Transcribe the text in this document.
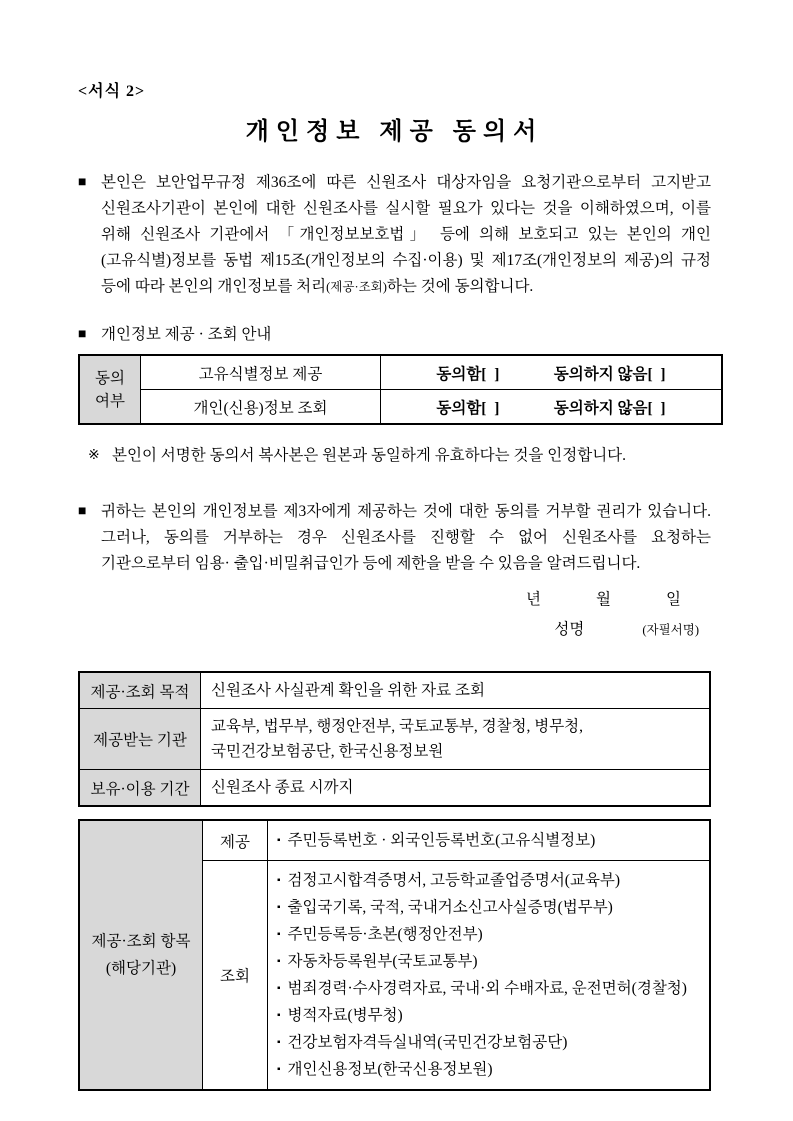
<서식 2>
개인정보 제공 동의서
■ 본인은 보안업무규정 제36조에 따른 신원조사 대상자임을 요청기관으로부터 고지받고 신원조사기관이 본인에 대한 신원조사를 실시할 필요가 있다는 것을 이해하였으며, 이를 위해 신원조사 기관에서 「개인정보보호법」 등에 의해 보호되고 있는 본인의 개인(고유식별)정보를 동법 제15조(개인정보의 수집·이용) 및 제17조(개인정보의 제공)의 규정 등에 따라 본인의 개인정보를 처리(제공·조회)하는 것에 동의합니다.
■ 개인정보 제공 · 조회 안내
동의
여부
	고유식별정보 제공	동의함[  ]	동의하지 않음[  ]

	개인(신용)정보 조회	동의함[  ] 동의하지 않음[  ]
※ 본인이 서명한 동의서 복사본은 원본과 동일하게 유효하다는 것을 인정합니다.
■ 귀하는 본인의 개인정보를 제3자에게 제공하는 것에 대한 동의를 거부할 권리가 있습니다. 그러나, 동의를 거부하는 경우 신원조사를 진행할 수 없어 신원조사를 요청하는 기관으로부터 임용· 출입·비밀취급인가 등에 제한을 받을 수 있음을 알려드립니다.
년	월	일
성명	(자필서명)
제공·조회 목적	신원조사 사실관계 확인을 위한 자료 조회
제공받는 기관	교육부, 법무부, 행정안전부, 국토교통부, 경찰청, 병무청, 국민건강보험공단, 한국신용정보원
보유·이용 기간	신원조사 종료 시까지
제공·조회 항목
(해당기관)	제공	▪ 주민등록번호 · 외국인등록번호(고유식별정보)

조회	
▪ 검정고시합격증명서, 고등학교졸업증명서(교육부)
▪ 출입국기록, 국적, 국내거소신고사실증명(법무부)
▪ 주민등록등·초본(행정안전부)
▪ 자동차등록원부(국토교통부)
▪ 범죄경력·수사경력자료, 국내·외 수배자료, 운전면허(경찰청)
▪ 병적자료(병무청)
▪ 건강보험자격득실내역(국민건강보험공단)
▪ 개인신용정보(한국신용정보원)
